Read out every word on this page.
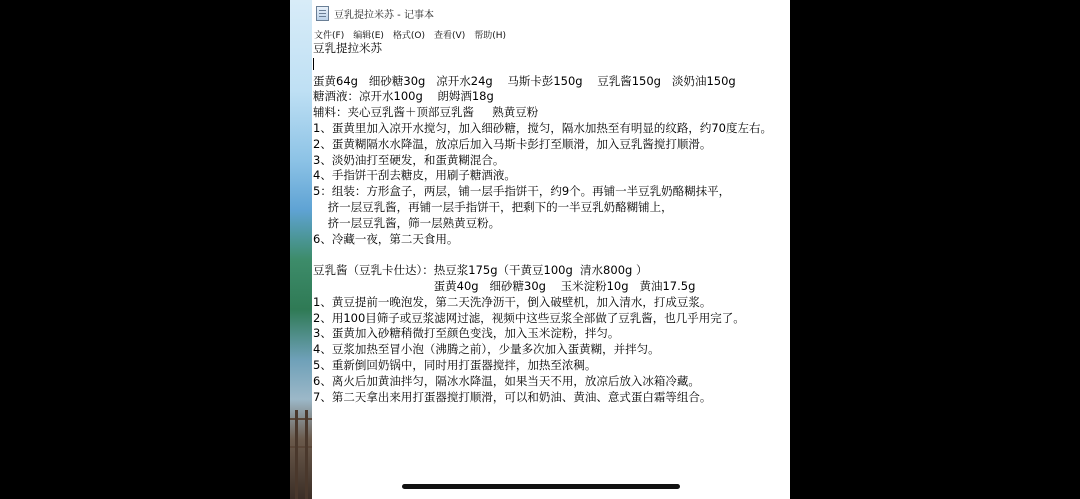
豆乳提拉米苏 - 记事本
文件(F) 编辑(E) 格式(O) 查看(V) 帮助(H)
豆乳提拉米苏
蛋黄64g   细砂糖30g   凉开水24g    马斯卡彭150g    豆乳酱150g   淡奶油150g
糖酒液：凉开水100g    朗姆酒18g
辅料：夹心豆乳酱＋顶部豆乳酱     熟黄豆粉
1、蛋黄里加入凉开水搅匀，加入细砂糖，搅匀，隔水加热至有明显的纹路，约70度左右。
2、蛋黄糊隔水水降温，放凉后加入马斯卡彭打至顺滑，加入豆乳酱搅打顺滑。
3、淡奶油打至硬发，和蛋黄糊混合。
4、手指饼干刮去糖皮，用刷子糖酒液。
5：组装：方形盒子，两层，铺一层手指饼干，约9个。再铺一半豆乳奶酪糊抹平，
挤一层豆乳酱，再铺一层手指饼干，把剩下的一半豆乳奶酪糊铺上，
挤一层豆乳酱，筛一层熟黄豆粉。
6、冷藏一夜，第二天食用。
豆乳酱（豆乳卡仕达）：热豆浆175g（干黄豆100g  清水800g ）
蛋黄40g   细砂糖30g    玉米淀粉10g   黄油17.5g
1、黄豆提前一晚泡发，第二天洗净沥干，倒入破壁机，加入清水，打成豆浆。
2、用100目筛子或豆浆滤网过滤，视频中这些豆浆全部做了豆乳酱，也几乎用完了。
3、蛋黄加入砂糖稍微打至颜色变浅，加入玉米淀粉，拌匀。
4、豆浆加热至冒小泡（沸腾之前），少量多次加入蛋黄糊，并拌匀。
5、重新倒回奶锅中，同时用打蛋器搅拌，加热至浓稠。
6、离火后加黄油拌匀，隔冰水降温，如果当天不用，放凉后放入冰箱冷藏。
7、第二天拿出来用打蛋器搅打顺滑，可以和奶油、黄油、意式蛋白霜等组合。
